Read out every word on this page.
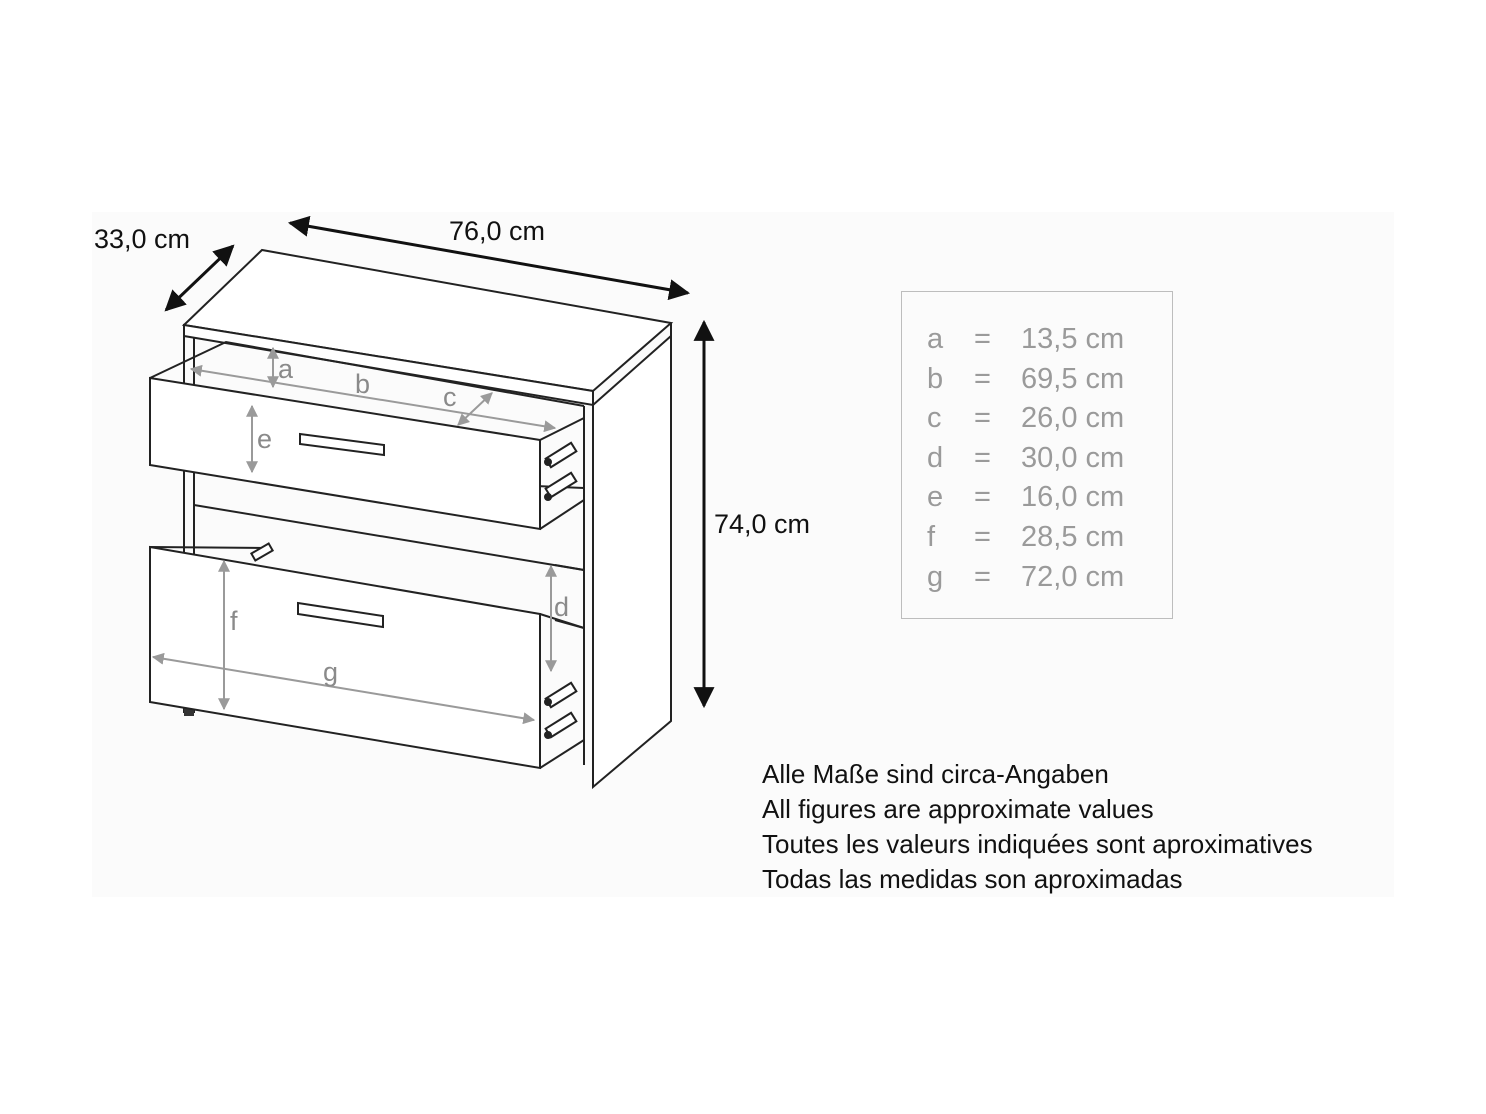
33,0 cm	76,0 cm
74,0 cm
a b	c
d
e
f
g
a = 13,5 cm
b = 69,5 cm
c = 26,0 cm
d = 30,0 cm
e = 16,0 cm
f = 28,5 cm
g = 72,0 cm
Alle Maße sind circa-Angaben
All figures are approximate values
Toutes les valeurs indiquées sont aproximatives
Todas las medidas son aproximadas
